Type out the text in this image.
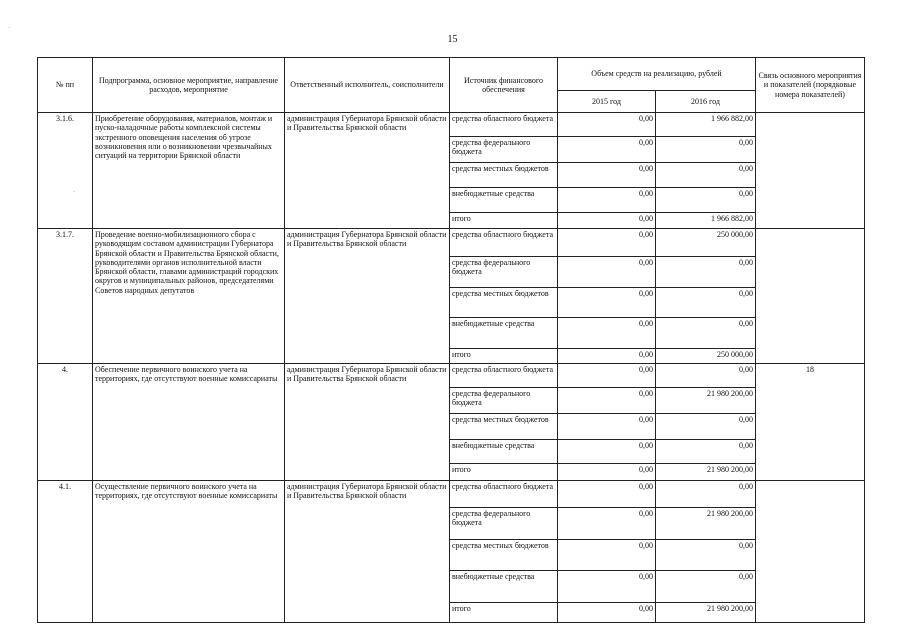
15
№ пп	Подпрограмма, основное мероприятие, направление расходов, мероприятие	Ответственный исполнитель, соисполнители	Источник финансового обеспечения	Объем средств на реализацию, рублей		Связь основного мероприятия и показателей (порядковые номера показателей)
				2015 год	2016 год	
3.1.6.	Приобретение оборудования, материалов, монтаж и пуско-наладочные работы комплексной системы экстренного оповещения населения об угрозе возникновения или о возникновении чрезвычайных ситуаций на территории Брянской области	администрация Губернатора Брянской области и Правительства Брянской области	средства областного бюджета	0,00	1 966 882,00	
			средства федерального бюджета	0,00	0,00	
			средства местных бюджетов	0,00	0,00	
			внебюджетные средства	0,00	0,00	
			итого	0,00	1 966 882,00	
3.1.7.	Проведение военно-мобилизационного сбора с руководящим составом администрации Губернатора Брянской области и Правительства Брянской области, руководителями органов исполнительной власти Брянской области, главами администраций городских округов и муниципальных районов, председателями Советов народных депутатов	администрация Губернатора Брянской области и Правительства Брянской области	средства областного бюджета	0,00	250 000,00	
			средства федерального бюджета	0,00	0,00	
			средства местных бюджетов	0,00	0,00	
			внебюджетные средства	0,00	0,00	
			итого	0,00	250 000,00	
4.	Обеспечение первичного воинского учета на территориях, где отсутствуют военные комиссариаты	администрация Губернатора Брянской области и Правительства Брянской области	средства областного бюджета	0,00	0,00	18
			средства федерального бюджета	0,00	21 980 200,00	
			средства местных бюджетов	0,00	0,00	
			внебюджетные средства	0,00	0,00	
			итого	0,00	21 980 200,00	
4.1.	Осуществление первичного воинского учета на территориях, где отсутствуют военные комиссариаты	администрация Губернатора Брянской области и Правительства Брянской области	средства областного бюджета	0,00	0,00	
			средства федерального бюджета	0,00	21 980 200,00	
			средства местных бюджетов	0,00	0,00	
			внебюджетные средства	0,00	0,00	
			итого	0,00	21 980 200,00	
·
·
